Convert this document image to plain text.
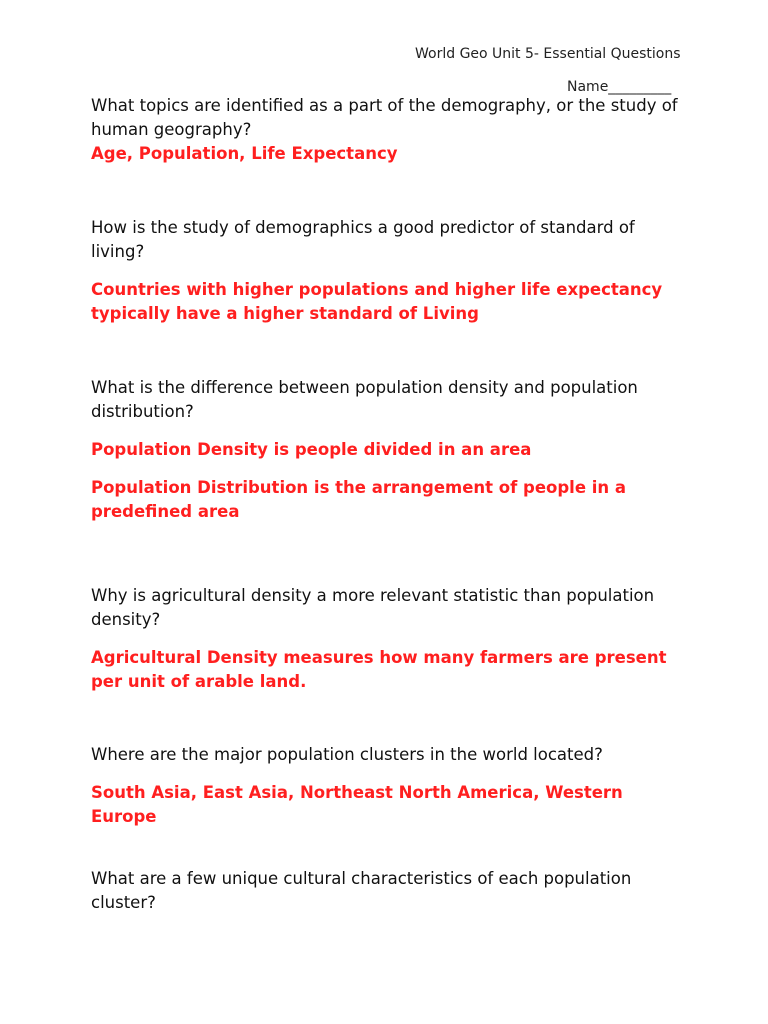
World Geo Unit 5- Essential Questions
Name_________

What topics are identified as a part of the demography, or the study of human geography?

Age, Population, Life Expectancy

How is the study of demographics a good predictor of standard of living?

Countries with higher populations and higher life expectancy typically have a higher standard of Living

What is the difference between population density and population distribution?

Population Density is people divided in an area

Population Distribution is the arrangement of people in a predefined area

Why is agricultural density a more relevant statistic than population density?

Agricultural Density measures how many farmers are present per unit of arable land.

Where are the major population clusters in the world located?

South Asia, East Asia, Northeast North America, Western Europe

What are a few unique cultural characteristics of each population cluster?
